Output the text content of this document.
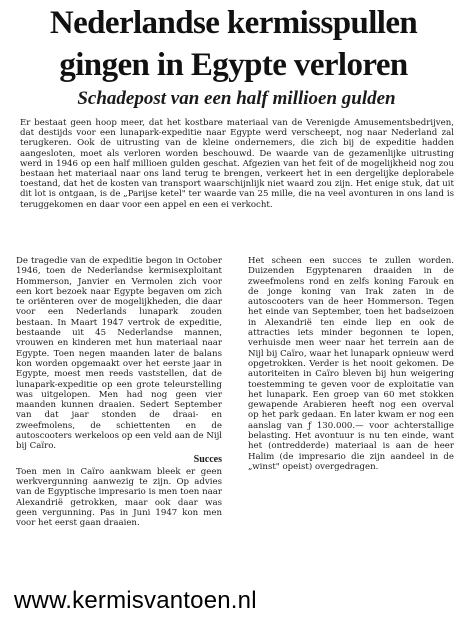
Nederlandse kermisspullen
gingen in Egypte verloren
Schadepost van een half millioen gulden

Er bestaat geen hoop meer, dat het kostbare materiaal van de Verenigde Amusementsbedrijven, dat destijds voor een lunapark-expeditie naar Egypte werd verscheept, nog naar Nederland zal terugkeren. Ook de uitrusting van de kleine ondernemers, die zich bij de expeditie hadden aangesloten, moet als verloren worden beschouwd. De waarde van de gezamenlijke uitrusting werd in 1946 op een half millioen gulden geschat. Afgezien van het feit of de mogelijkheid nog zou bestaan het materiaal naar ons land terug te brengen, verkeert het in een dergelijke deplorabele toestand, dat het de kosten van transport waarschijnlijk niet waard zou zijn. Het enige stuk, dat uit dit lot is ontgaan, is de „Parijse ketel" ter waarde van 25 mille, die na veel avonturen in ons land is teruggekomen en daar voor een appel en een ei verkocht.

De tragedie van de expeditie begon in October 1946, toen de Nederlandse kermisexploitant Hommerson, Janvier en Vermolen zich voor een kort bezoek naar Egypte begaven om zich te oriënteren over de mogelijkheden, die daar voor een Nederlands lunapark zouden bestaan. In Maart 1947 vertrok de expeditie, bestaande uit 45 Nederlandse mannen, vrouwen en kinderen met hun materiaal naar Egypte. Toen negen maanden later de balans kon worden opgemaakt over het eerste jaar in Egypte, moest men reeds vaststellen, dat de lunapark-expeditie op een grote teleurstelling was uitgelopen. Men had nog geen vier maanden kunnen draaien. Sedert September van dat jaar stonden de draai- en zweefmolens, de schiettenten en de autoscooters werkeloos op een veld aan de Nijl bij Caïro.

Succes

Toen men in Caïro aankwam bleek er geen werkvergunning aanwezig te zijn. Op advies van de Egyptische impresario is men toen naar Alexandrië getrokken, maar ook daar was geen vergunning. Pas in Juni 1947 kon men voor het eerst gaan draaien.

Het scheen een succes te zullen worden. Duizenden Egyptenaren draaiden in de zweefmolens rond en zelfs koning Farouk en de jonge koning van Irak zaten in de autoscooters van de heer Hommerson. Tegen het einde van September, toen het badseizoen in Alexandrië ten einde liep en ook de attracties iets minder begonnen te lopen, verhuisde men weer naar het terrein aan de Nijl bij Caïro, waar het lunapark opnieuw werd opgetrokken.

Verder is het nooit gekomen. De autoriteiten in Caïro bleven bij hun weigering toestemming te geven voor de exploitatie van het lunapark. Een groep van 60 met stokken gewapende Arabieren heeft nog een overval op het park gedaan. En later kwam er nog een aanslag van ƒ 130.000.— voor achterstallige belasting. Het avontuur is nu ten einde, want het (ontredderde) materiaal is aan de heer Halim (de impresario die zijn aandeel in de „winst" opeist) overgedragen.

www.kermisvantoen.nl
